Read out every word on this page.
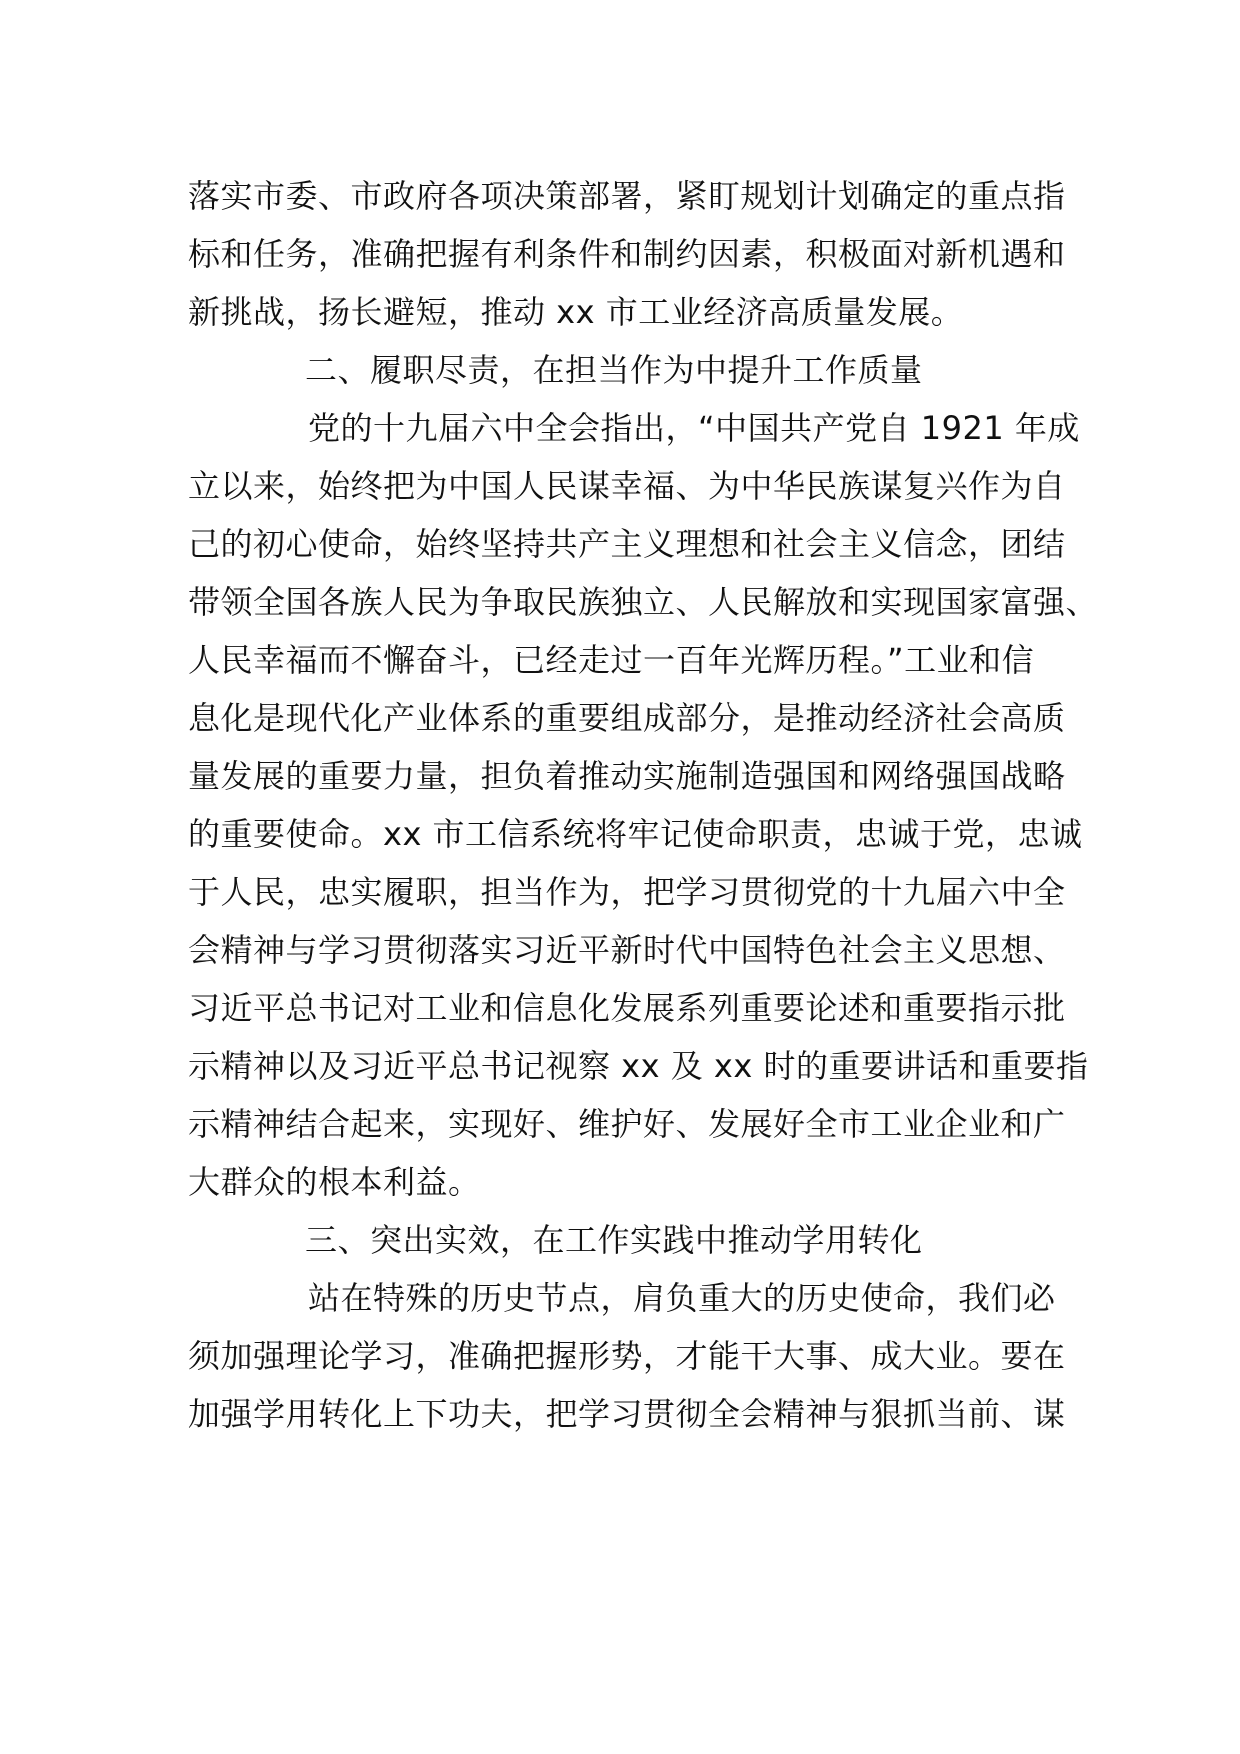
落实市委、市政府各项决策部署，紧盯规划计划确定的重点指
标和任务，准确把握有利条件和制约因素，积极面对新机遇和
新挑战，扬长避短，推动 xx 市工业经济高质量发展。
二、履职尽责，在担当作为中提升工作质量
党的十九届六中全会指出，“中国共产党自 1921 年成
立以来，始终把为中国人民谋幸福、为中华民族谋复兴作为自
己的初心使命，始终坚持共产主义理想和社会主义信念，团结
带领全国各族人民为争取民族独立、人民解放和实现国家富强、
人民幸福而不懈奋斗，已经走过一百年光辉历程。”工业和信
息化是现代化产业体系的重要组成部分，是推动经济社会高质
量发展的重要力量，担负着推动实施制造强国和网络强国战略
的重要使命。xx 市工信系统将牢记使命职责，忠诚于党，忠诚
于人民，忠实履职，担当作为，把学习贯彻党的十九届六中全
会精神与学习贯彻落实习近平新时代中国特色社会主义思想、
习近平总书记对工业和信息化发展系列重要论述和重要指示批
示精神以及习近平总书记视察 xx 及 xx 时的重要讲话和重要指
示精神结合起来，实现好、维护好、发展好全市工业企业和广
大群众的根本利益。
三、突出实效，在工作实践中推动学用转化
站在特殊的历史节点，肩负重大的历史使命，我们必
须加强理论学习，准确把握形势，才能干大事、成大业。要在
加强学用转化上下功夫，把学习贯彻全会精神与狠抓当前、谋
